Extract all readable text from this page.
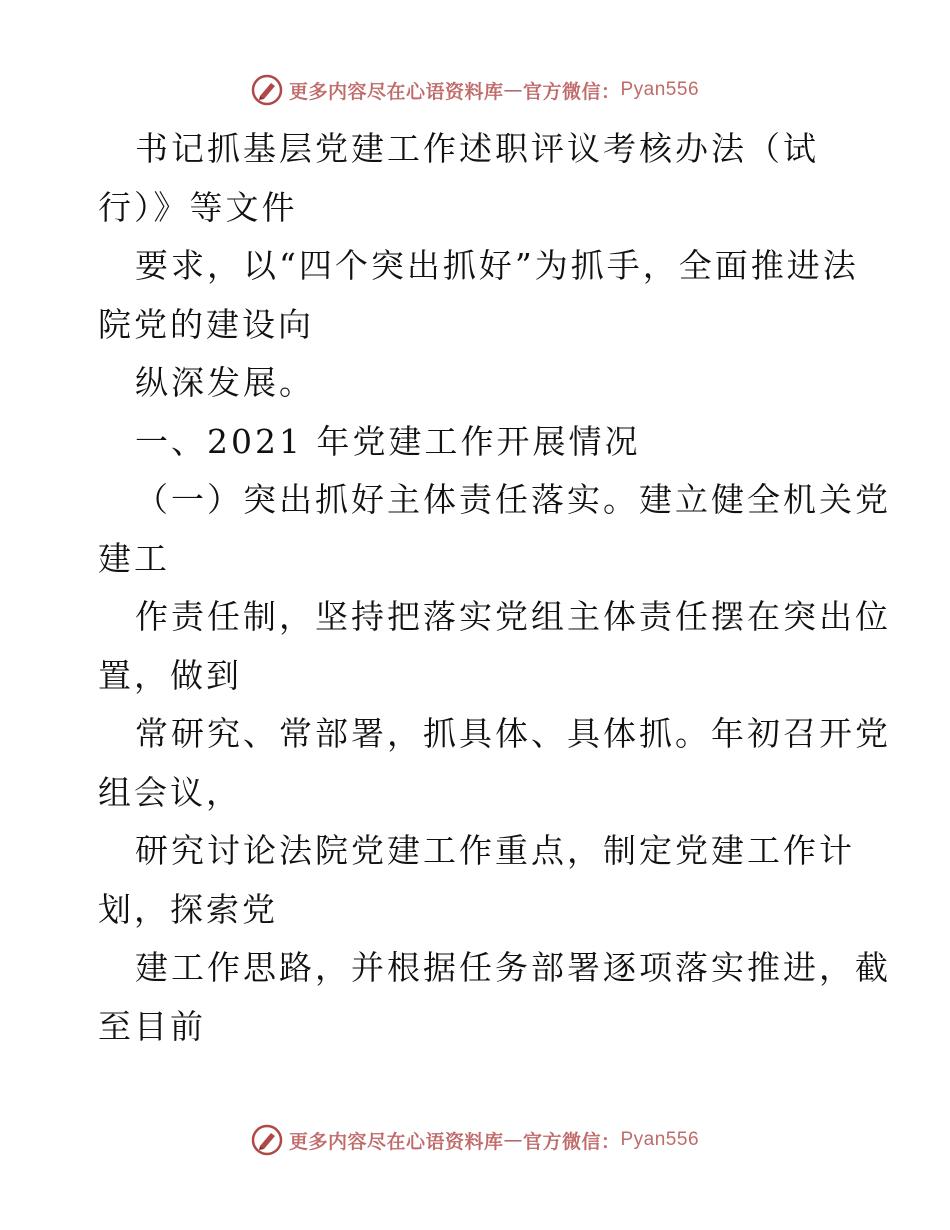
更多内容尽在心语资料库 — 官方微信： Pyan556
书记抓基层党建工作述职评议考核办法（试
行）》等文件
要求，以“四个突出抓好”为抓手，全面推进法
院党的建设向
纵深发展。
一、2021 年党建工作开展情况
（一）突出抓好主体责任落实。建立健全机关党
建工
作责任制，坚持把落实党组主体责任摆在突出位
置，做到
常研究、常部署，抓具体、具体抓。年初召开党
组会议，
研究讨论法院党建工作重点，制定党建工作计
划，探索党
建工作思路，并根据任务部署逐项落实推进，截
至目前
更多内容尽在心语资料库 — 官方微信： Pyan556
